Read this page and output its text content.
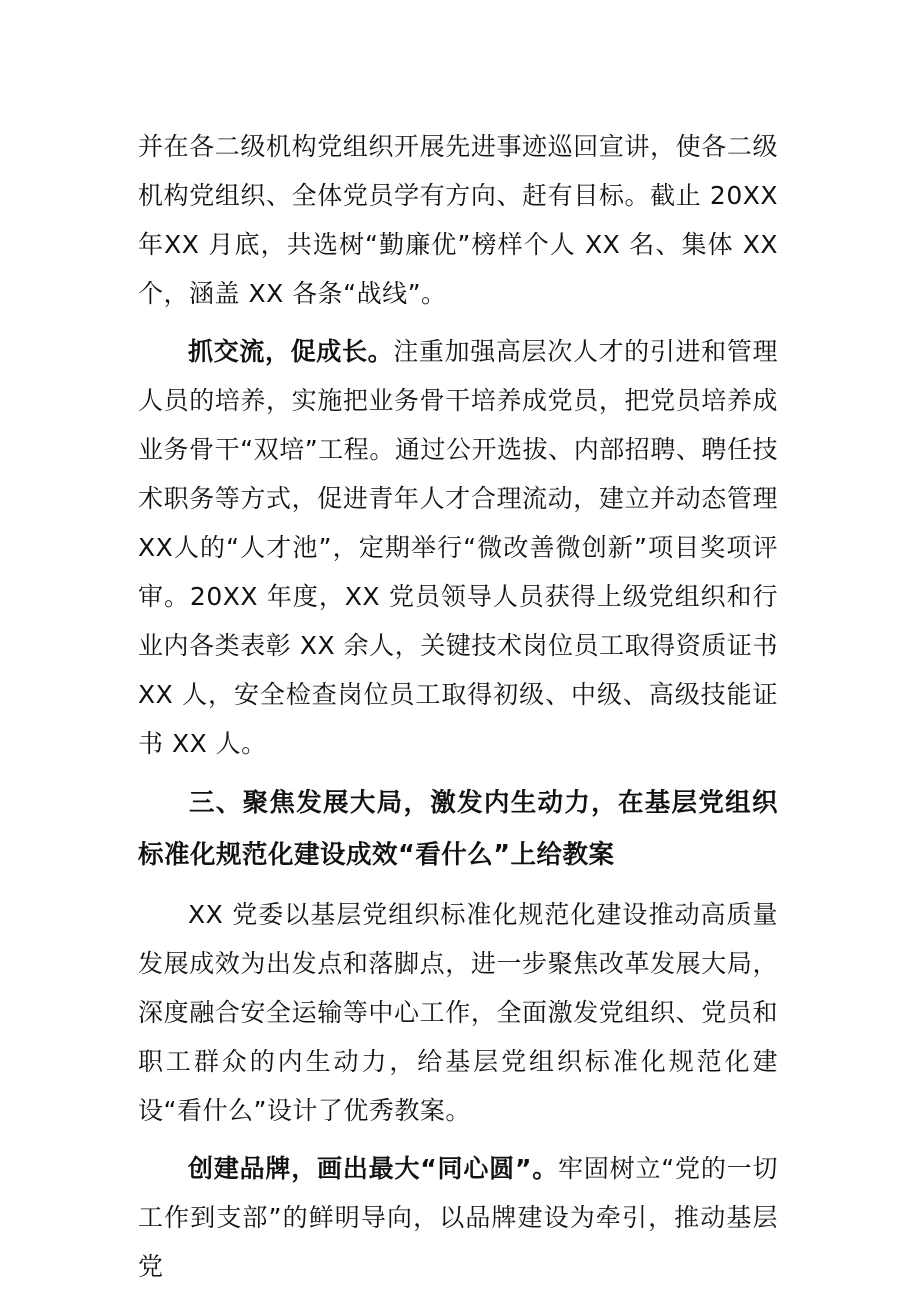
并在各二级机构党组织开展先进事迹巡回宣讲，使各二级机构党组织、全体党员学有方向、赶有目标。截止 20XX 年XX 月底，共选树“勤廉优”榜样个人 XX 名、集体 XX 个，涵盖 XX 各条“战线”。

抓交流，促成长。注重加强高层次人才的引进和管理人员的培养，实施把业务骨干培养成党员，把党员培养成业务骨干“双培”工程。通过公开选拔、内部招聘、聘任技术职务等方式，促进青年人才合理流动，建立并动态管理 XX人的“人才池”，定期举行“微改善微创新”项目奖项评审。20XX 年度，XX 党员领导人员获得上级党组织和行业内各类表彰 XX 余人，关键技术岗位员工取得资质证书 XX 人，安全检查岗位员工取得初级、中级、高级技能证书 XX 人。

三、聚焦发展大局，激发内生动力，在基层党组织标准化规范化建设成效“看什么”上给教案

XX 党委以基层党组织标准化规范化建设推动高质量发展成效为出发点和落脚点，进一步聚焦改革发展大局，深度融合安全运输等中心工作，全面激发党组织、党员和职工群众的内生动力，给基层党组织标准化规范化建设“看什么”设计了优秀教案。

创建品牌，画出最大“同心圆”。牢固树立“党的一切工作到支部”的鲜明导向，以品牌建设为牵引，推动基层党
